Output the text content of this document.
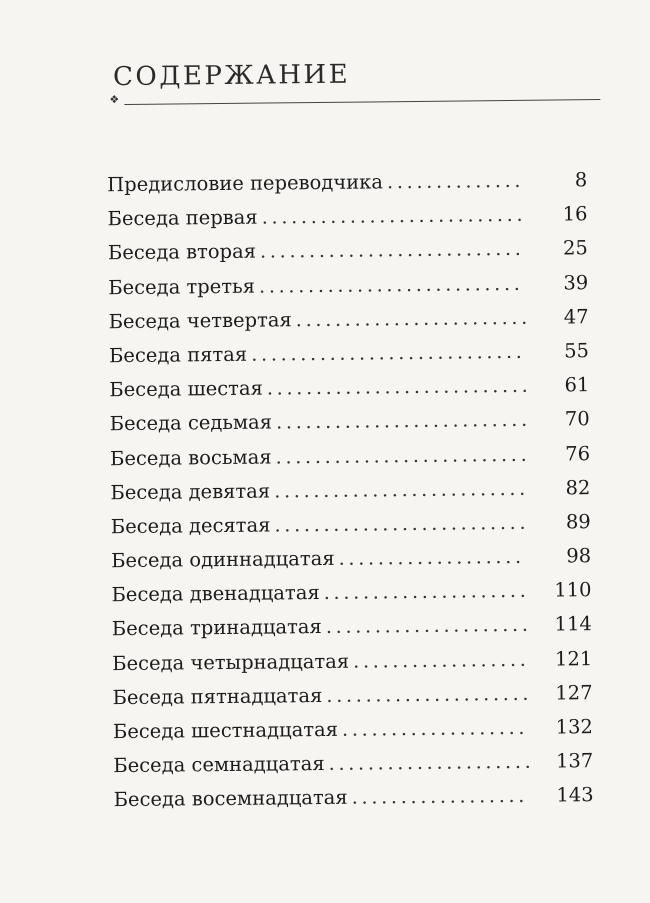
СОДЕРЖАНИЕ
❖
Предисловие переводчика ..............	8
Беседа первая ...........................	16
Беседа вторая ...........................	25
Беседа третья ...........................	39
Беседа четвертая ........................	47
Беседа пятая ............................	55
Беседа шестая ...........................	61
Беседа седьмая ..........................	70
Беседа восьмая ..........................	76
Беседа девятая ..........................	82
Беседа десятая ..........................	89
Беседа одиннадцатая ...................	98
Беседа двенадцатая .....................	110
Беседа тринадцатая .....................	114
Беседа четырнадцатая ..................	121
Беседа пятнадцатая .....................	127
Беседа шестнадцатая ...................	132
Беседа семнадцатая .....................	137
Беседа восемнадцатая ..................	143
